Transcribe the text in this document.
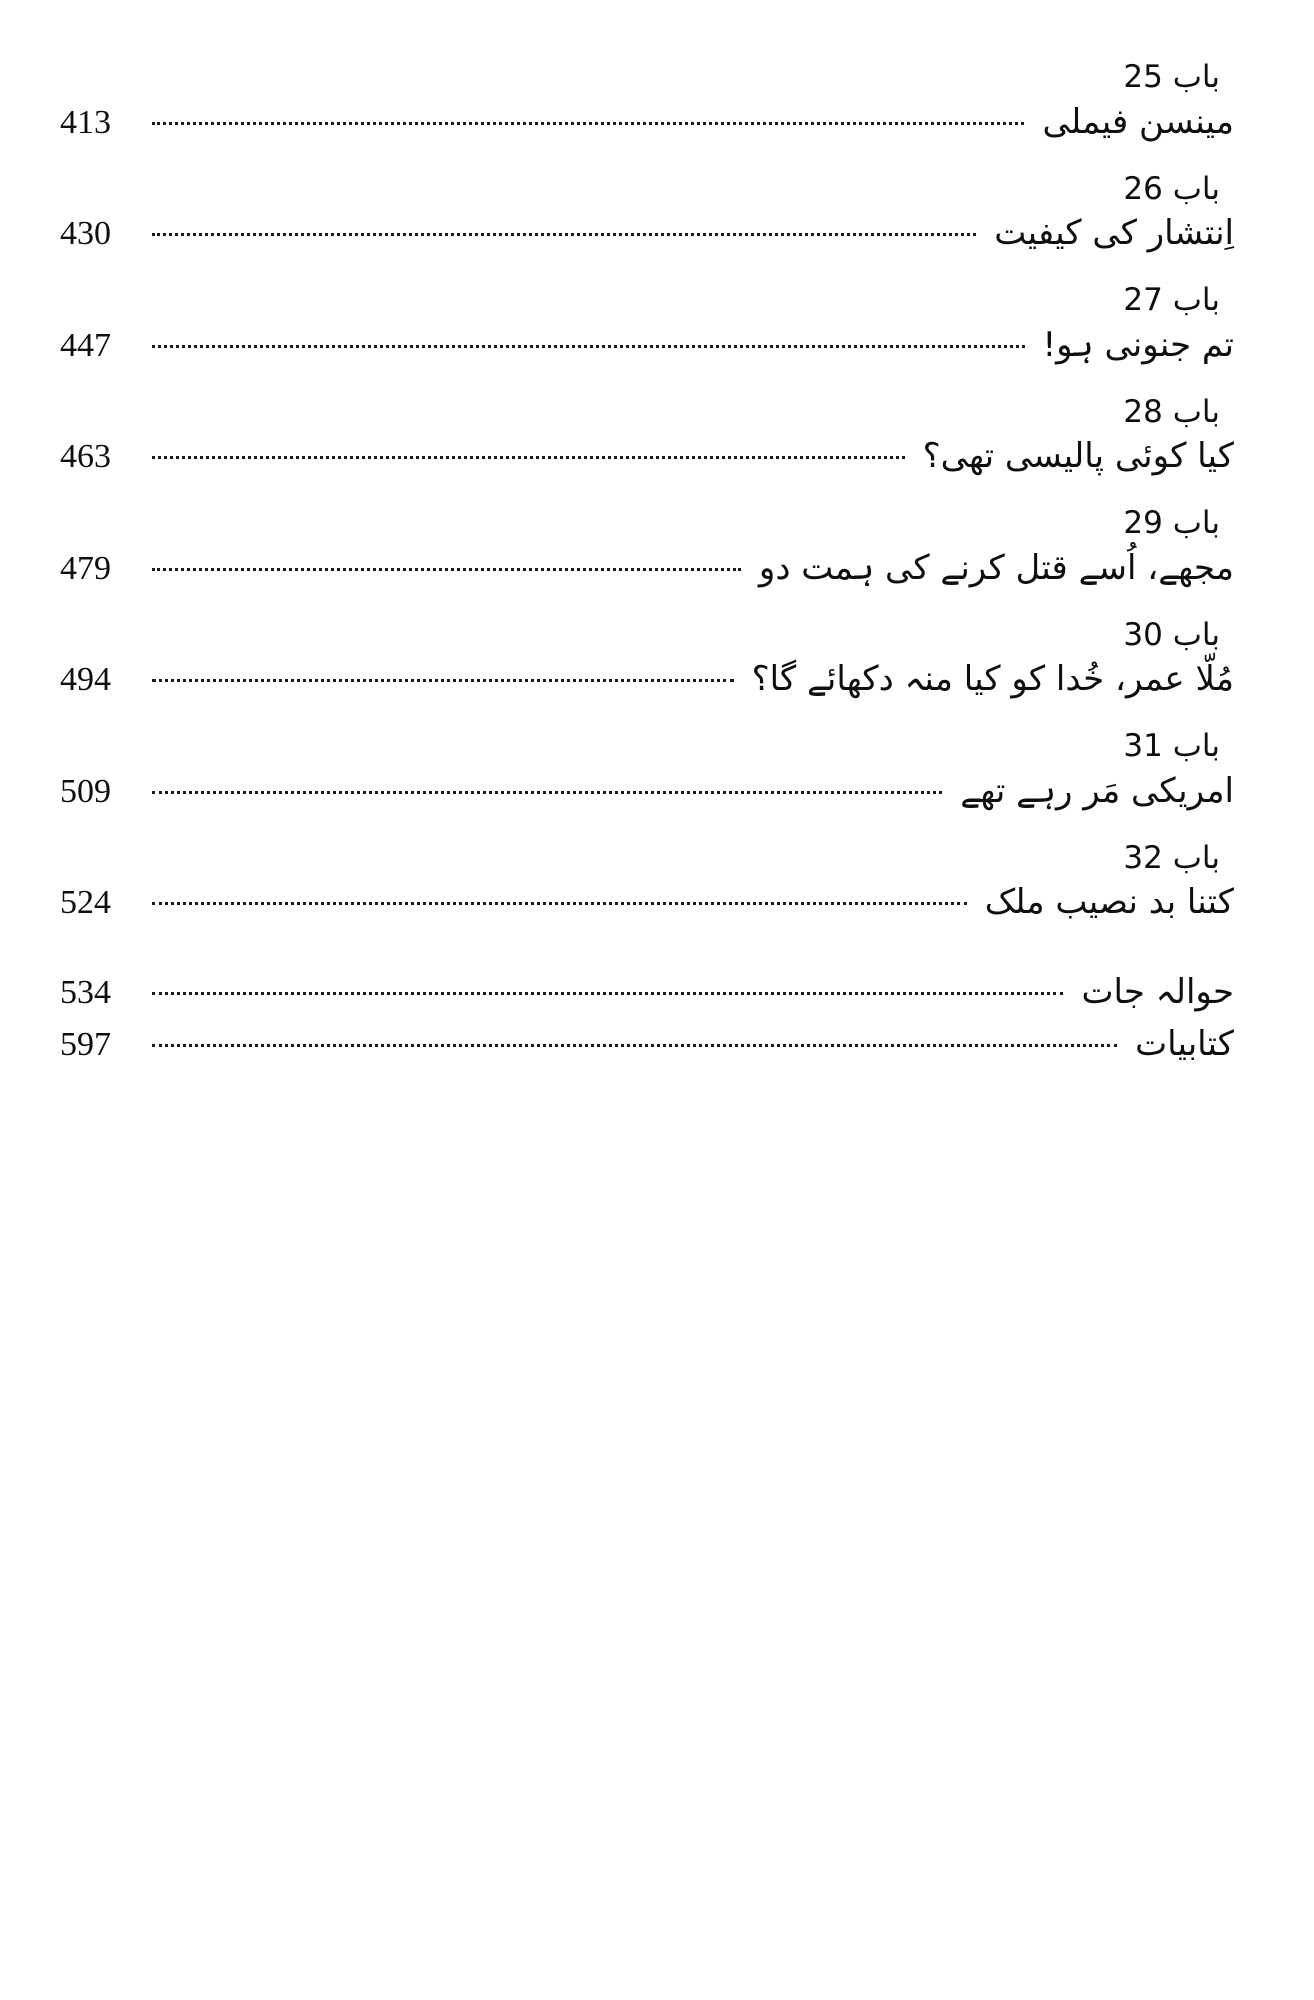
باب 25
مینسن فیملی
413
باب 26
اِنتشار کی کیفیت
430
باب 27
تم جنونی ہو!
447
باب 28
کیا کوئی پالیسی تھی؟
463
باب 29
مجھے، اُسے قتل کرنے کی ہمت دو
479
باب 30
مُلّا عمر، خُدا کو کیا منہ دکھائے گا؟
494
باب 31
امریکی مَر رہے تھے
509
باب 32
کتنا بد نصیب ملک
524
حوالہ جات
534
کتابیات
597
